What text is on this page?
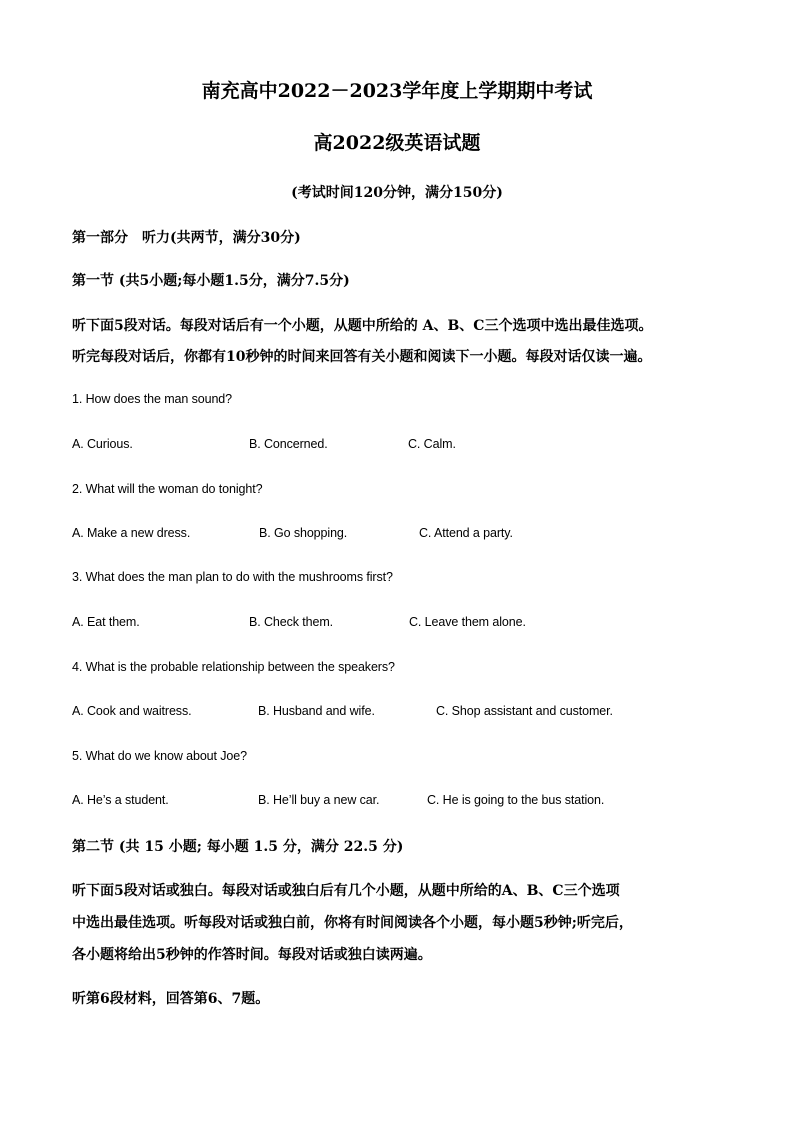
南充高中2022－2023学年度上学期期中考试
高2022级英语试题
(考试时间120分钟，满分150分)
第一部分　听力(共两节，满分30分)
第一节 (共5小题;每小题1.5分，满分7.5分)
听下面5段对话。每段对话后有一个小题，从题中所给的 A、B、C三个选项中选出最佳选项。
听完每段对话后，你都有10秒钟的时间来回答有关小题和阅读下一小题。每段对话仅读一遍。
1. How does the man sound?
A. Curious.	B. Concerned.	C. Calm.
2. What will the woman do tonight?
A. Make a new dress.	B. Go shopping.	C. Attend a party.
3. What does the man plan to do with the mushrooms first?
A. Eat them.	B. Check them.	C. Leave them alone.
4. What is the probable relationship between the speakers?
A. Cook and waitress.	B. Husband and wife.	C. Shop assistant and customer.
5. What do we know about Joe?
A. He’s a student.	B. He’ll buy a new car.	C. He is going to the bus station.
第二节 (共 15 小题; 每小题 1.5 分，满分 22.5 分)
听下面5段对话或独白。每段对话或独白后有几个小题，从题中所给的A、B、C三个选项
中选出最佳选项。听每段对话或独白前，你将有时间阅读各个小题，每小题5秒钟;听完后，
各小题将给出5秒钟的作答时间。每段对话或独白读两遍。
听第6段材料，回答第6、7题。
